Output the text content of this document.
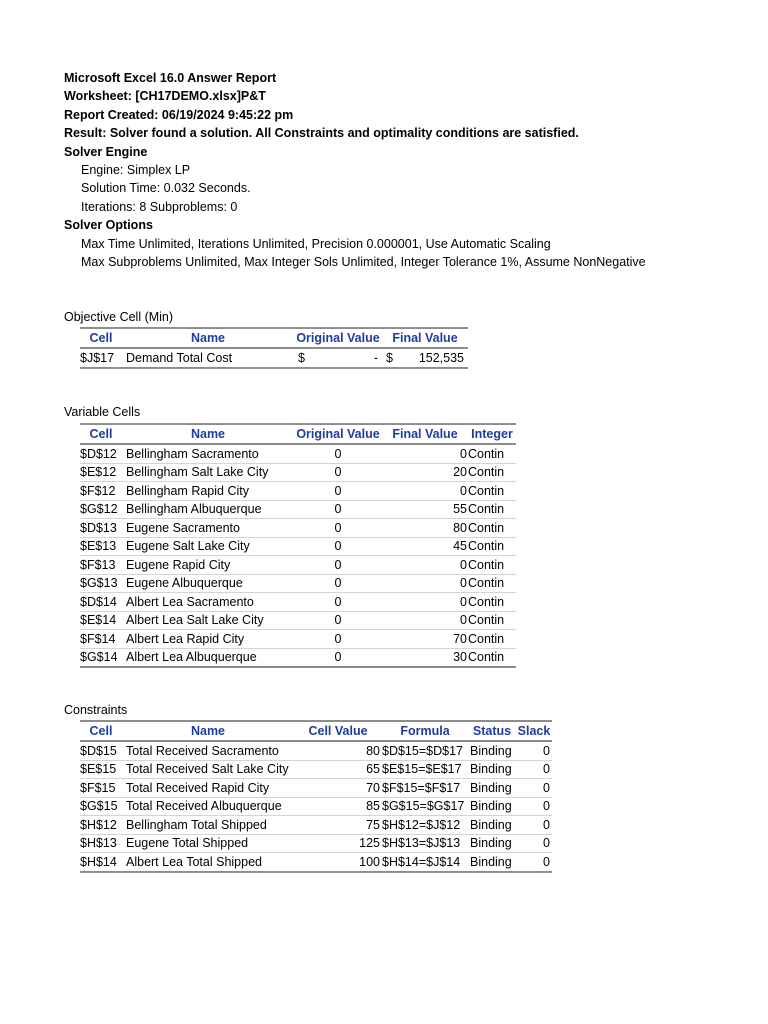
Microsoft Excel 16.0 Answer Report
Worksheet: [CH17DEMO.xlsx]P&T
Report Created: 06/19/2024 9:45:22 pm
Result: Solver found a solution. All Constraints and optimality conditions are satisfied.
Solver Engine
Engine: Simplex LP
Solution Time: 0.032 Seconds.
Iterations: 8 Subproblems: 0
Solver Options
Max Time Unlimited, Iterations Unlimited, Precision 0.000001, Use Automatic Scaling
Max Subproblems Unlimited, Max Integer Sols Unlimited, Integer Tolerance 1%, Assume NonNegative
Objective Cell (Min)
Cell	Name	Original Value	Final Value
$J$17	Demand Total Cost	$ -	$ 152,535
Variable Cells
Cell	Name	Original Value	Final Value	Integer
$D$12	Bellingham Sacramento	0	0	Contin
$E$12	Bellingham Salt Lake City	0	20	Contin
$F$12	Bellingham Rapid City	0	0	Contin
$G$12	Bellingham Albuquerque	0	55	Contin
$D$13	Eugene Sacramento	0	80	Contin
$E$13	Eugene Salt Lake City	0	45	Contin
$F$13	Eugene Rapid City	0	0	Contin
$G$13	Eugene Albuquerque	0	0	Contin
$D$14	Albert Lea Sacramento	0	0	Contin
$E$14	Albert Lea Salt Lake City	0	0	Contin
$F$14	Albert Lea Rapid City	0	70	Contin
$G$14	Albert Lea Albuquerque	0	30	Contin
Constraints
Cell	Name	Cell Value	Formula	Status	Slack
$D$15	Total Received Sacramento	80	$D$15=$D$17	Binding	0
$E$15	Total Received Salt Lake City	65	$E$15=$E$17	Binding	0
$F$15	Total Received Rapid City	70	$F$15=$F$17	Binding	0
$G$15	Total Received Albuquerque	85	$G$15=$G$17	Binding	0
$H$12	Bellingham Total Shipped	75	$H$12=$J$12	Binding	0
$H$13	Eugene Total Shipped	125	$H$13=$J$13	Binding	0
$H$14	Albert Lea Total Shipped	100	$H$14=$J$14	Binding	0
